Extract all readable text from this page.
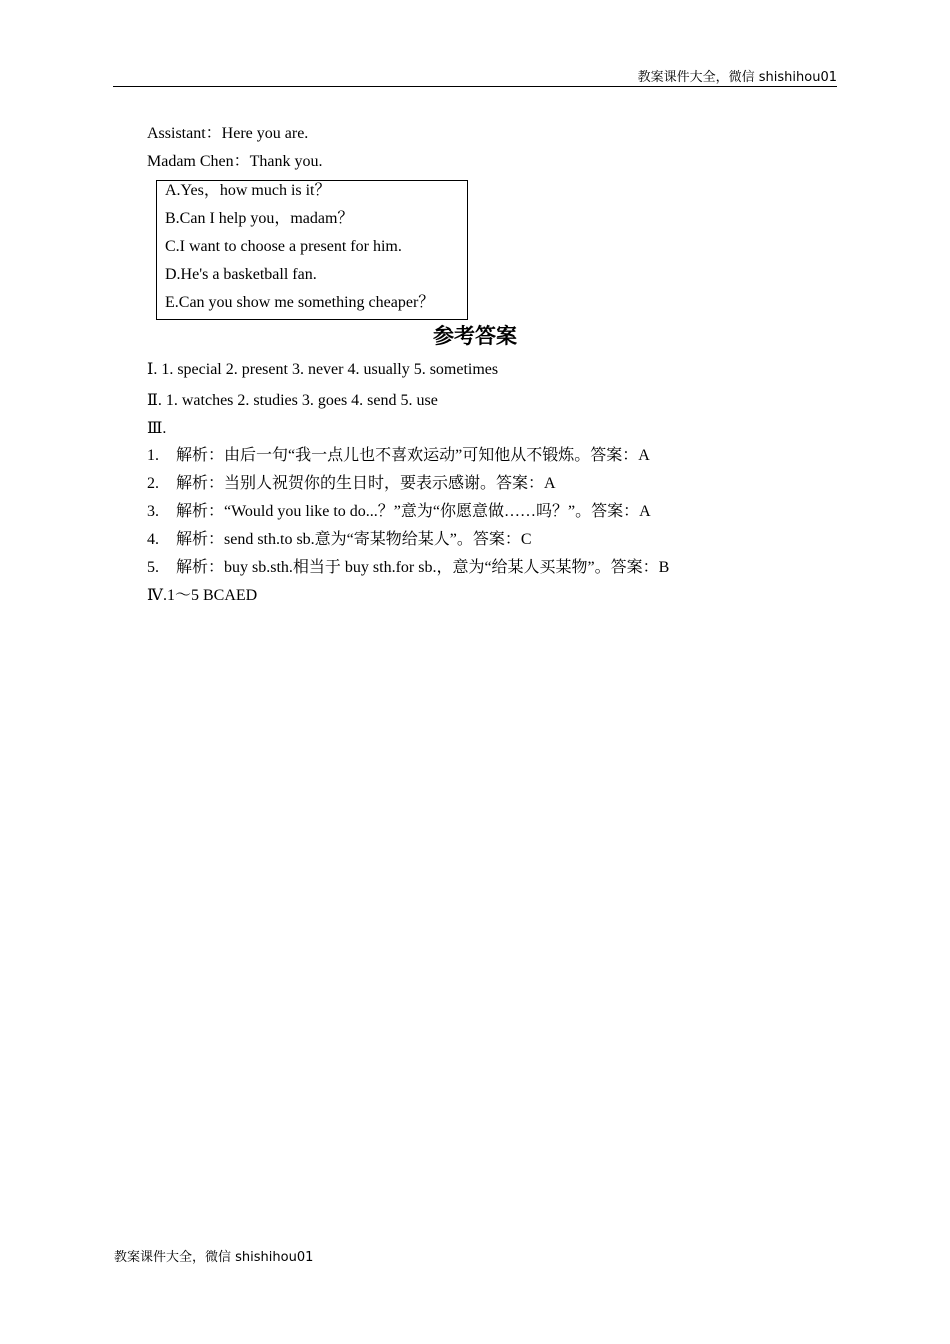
教案课件大全，微信 shishihou01
Assistant：Here you are.
Madam Chen：Thank you.
A.Yes，how much is it？
B.Can I help you，madam？
C.I want to choose a present for him.
D.He's a basketball fan.
E.Can you show me something cheaper？
参考答案
Ⅰ. 1. special 2. present 3. never 4. usually 5. sometimes
Ⅱ. 1. watches 2. studies 3. goes 4. send 5. use
Ⅲ.
1. 解析：由后一句“我一点儿也不喜欢运动”可知他从不锻炼。答案：A
2. 解析：当别人祝贺你的生日时，要表示感谢。答案：A
3. 解析：“Would you like to do...？”意为“你愿意做……吗？”。答案：A
4. 解析：send sth.to sb.意为“寄某物给某人”。答案：C
5. 解析：buy sb.sth.相当于 buy sth.for sb.，意为“给某人买某物”。答案：B
Ⅳ.1～5 BCAED
教案课件大全，微信 shishihou01
